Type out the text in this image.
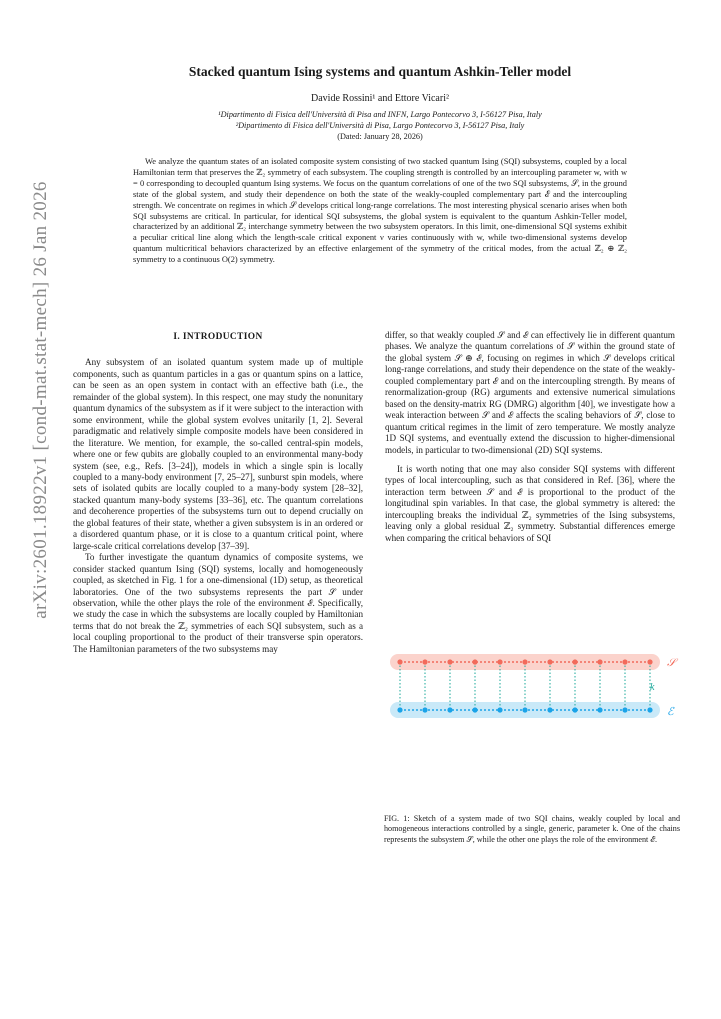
arXiv:2601.18922v1 [cond-mat.stat-mech] 26 Jan 2026
Stacked quantum Ising systems and quantum Ashkin-Teller model
Davide Rossini¹ and Ettore Vicari²
¹Dipartimento di Fisica dell'Università di Pisa and INFN, Largo Pontecorvo 3, I-56127 Pisa, Italy
²Dipartimento di Fisica dell'Università di Pisa, Largo Pontecorvo 3, I-56127 Pisa, Italy
(Dated: January 28, 2026)
We analyze the quantum states of an isolated composite system consisting of two stacked quantum Ising (SQI) subsystems, coupled by a local Hamiltonian term that preserves the ℤ₂ symmetry of each subsystem. The coupling strength is controlled by an intercoupling parameter w, with w = 0 corresponding to decoupled quantum Ising systems. We focus on the quantum correlations of one of the two SQI subsystems, 𝒮, in the ground state of the global system, and study their dependence on both the state of the weakly-coupled complementary part ℰ and the intercoupling strength. We concentrate on regimes in which 𝒮 develops critical long-range correlations. The most interesting physical scenario arises when both SQI subsystems are critical. In particular, for identical SQI subsystems, the global system is equivalent to the quantum Ashkin-Teller model, characterized by an additional ℤ₂ interchange symmetry between the two subsystem operators. In this limit, one-dimensional SQI systems exhibit a peculiar critical line along which the length-scale critical exponent ν varies continuously with w, while two-dimensional systems develop quantum multicritical behaviors characterized by an effective enlargement of the symmetry of the critical modes, from the actual ℤ₂ ⊕ ℤ₂ symmetry to a continuous O(2) symmetry.
I. INTRODUCTION

Any subsystem of an isolated quantum system made up of multiple components, such as quantum particles in a gas or quantum spins on a lattice, can be seen as an open system in contact with an effective bath (i.e., the remainder of the global system). In this respect, one may study the nonunitary quantum dynamics of the subsystem as if it were subject to the interaction with some environment, while the global system evolves unitarily [1, 2]. Several paradigmatic and relatively simple composite models have been considered in the literature. We mention, for example, the so-called central-spin models, where one or few qubits are globally coupled to an environmental many-body system (see, e.g., Refs. [3–24]), models in which a single spin is locally coupled to a many-body environment [7, 25–27], sunburst spin models, where sets of isolated qubits are locally coupled to a many-body system [28–32], stacked quantum many-body systems [33–36], etc. The quantum correlations and decoherence properties of the subsystems turn out to depend crucially on the global features of their state, whether a given subsystem is in an ordered or a disordered quantum phase, or it is close to a quantum critical point, where large-scale critical correlations develop [37–39].

To further investigate the quantum dynamics of composite systems, we consider stacked quantum Ising (SQI) systems, locally and homogeneously coupled, as sketched in Fig. 1 for a one-dimensional (1D) setup, as theoretical laboratories. One of the two subsystems represents the part 𝒮 under observation, while the other plays the role of the environment ℰ. Specifically, we study the case in which the subsystems are locally coupled by Hamiltonian terms that do not break the ℤ₂ symmetries of each SQI subsystem, such as a local coupling proportional to the product of their transverse spin operators. The Hamiltonian parameters of the two subsystems may

differ, so that weakly coupled 𝒮 and ℰ can effectively lie in different quantum phases. We analyze the quantum correlations of 𝒮 within the ground state of the global system 𝒮 ⊕ ℰ, focusing on regimes in which 𝒮 develops critical long-range correlations, and study their dependence on the state of the weakly-coupled complementary part ℰ and on the intercoupling strength. By means of renormalization-group (RG) arguments and extensive numerical simulations based on the density-matrix RG (DMRG) algorithm [40], we investigate how a weak interaction between 𝒮 and ℰ affects the scaling behaviors of 𝒮, close to quantum critical regimes in the limit of zero temperature. We mostly analyze 1D SQI systems, and eventually extend the discussion to higher-dimensional models, in particular to two-dimensional (2D) SQI systems.

It is worth noting that one may also consider SQI systems with different types of local intercoupling, such as that considered in Ref. [36], where the interaction term between 𝒮 and ℰ is proportional to the product of the longitudinal spin variables. In that case, the global symmetry is altered: the intercoupling breaks the individual ℤ₂ symmetries of the Ising subsystems, leaving only a global residual ℤ₂ symmetry. Substantial differences emerge when comparing the critical behaviors of SQI

𝒮
k
ℰ
FIG. 1: Sketch of a system made of two SQI chains, weakly coupled by local and homogeneous interactions controlled by a single, generic, parameter k. One of the chains represents the subsystem 𝒮, while the other one plays the role of the environment ℰ.
